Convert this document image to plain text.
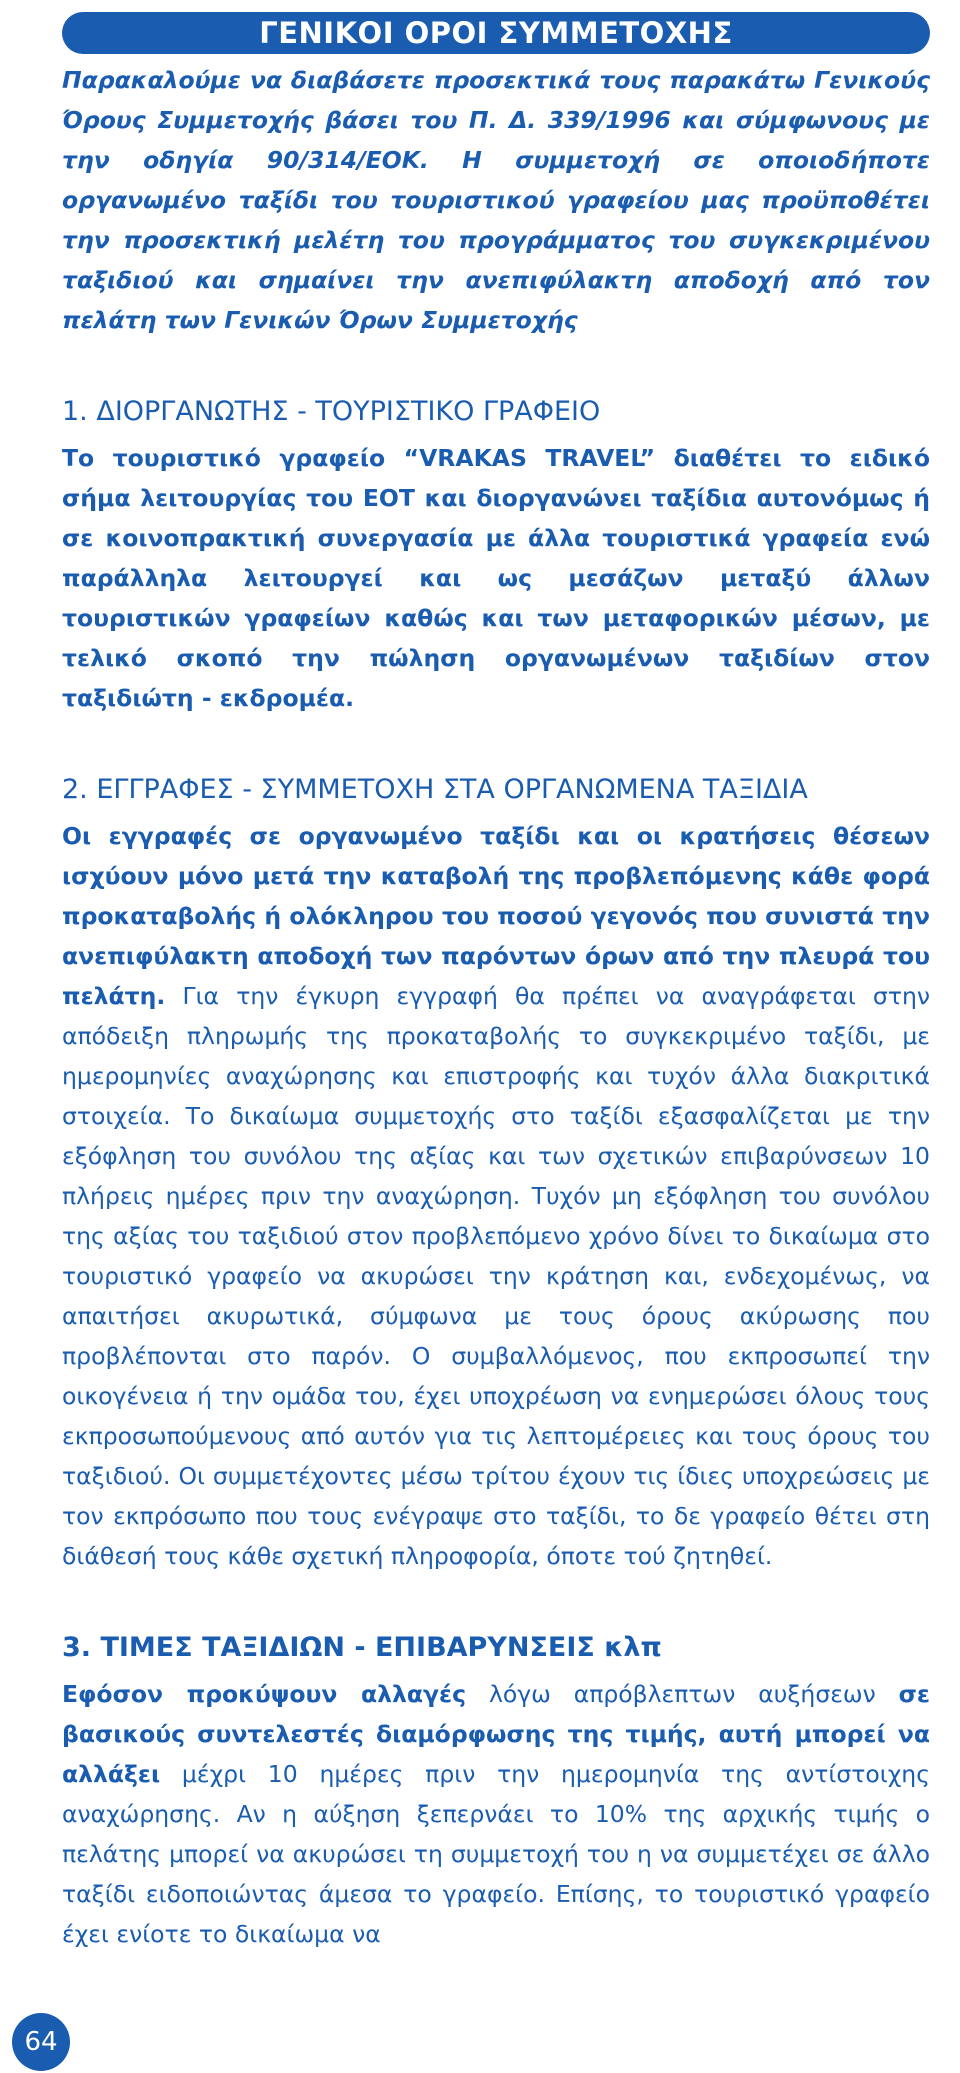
ΓΕΝΙΚΟΙ ΟΡΟΙ ΣΥΜΜΕΤΟΧΗΣ

Παρακαλούμε να διαβάσετε προσεκτικά τους παρακάτω Γενικούς Όρους Συμμετοχής βάσει του Π. Δ. 339/1996 και σύμφωνους με την οδηγία 90/314/ΕΟΚ. Η συμμετοχή σε οποιοδήποτε οργανωμένο ταξίδι του τουριστικού γραφείου μας προϋποθέτει την προσεκτική μελέτη του προγράμματος του συγκεκριμένου ταξιδιού και σημαίνει την ανεπιφύλακτη αποδοχή από τον πελάτη των Γενικών Όρων Συμμετοχής

1. ΔΙΟΡΓΑΝΩΤΗΣ - ΤΟΥΡΙΣΤΙΚΟ ΓΡΑΦΕΙΟ

Το τουριστικό γραφείο “VRAKAS TRAVEL” διαθέτει το ειδικό σήμα λειτουργίας του ΕΟΤ και διοργανώνει ταξίδια αυτονόμως ή σε κοινοπρακτική συνεργασία με άλλα τουριστικά γραφεία ενώ παράλληλα λειτουργεί και ως μεσάζων μεταξύ άλλων τουριστικών γραφείων καθώς και των μεταφορικών μέσων, με τελικό σκοπό την πώληση οργανωμένων ταξιδίων στον ταξιδιώτη - εκδρομέα.

2. ΕΓΓΡΑΦΕΣ - ΣΥΜΜΕΤΟΧΗ ΣΤΑ ΟΡΓΑΝΩΜΕΝΑ ΤΑΞΙΔΙΑ

Οι εγγραφές σε οργανωμένο ταξίδι και οι κρατήσεις θέσεων ισχύουν μόνο μετά την καταβολή της προβλεπόμενης κάθε φορά προκαταβολής ή ολόκληρου του ποσού γεγονός που συνιστά την ανεπιφύλακτη αποδοχή των παρόντων όρων από την πλευρά του πελάτη. Για την έγκυρη εγγραφή θα πρέπει να αναγράφεται στην απόδειξη πληρωμής της προκαταβολής το συγκεκριμένο ταξίδι, με ημερομηνίες αναχώρησης και επιστροφής και τυχόν άλλα διακριτικά στοιχεία. Το δικαίωμα συμμετοχής στο ταξίδι εξασφαλίζεται με την εξόφληση του συνόλου της αξίας και των σχετικών επιβαρύνσεων 10 πλήρεις ημέρες πριν την αναχώρηση. Τυχόν μη εξόφληση του συνόλου της αξίας του ταξιδιού στον προβλεπόμενο χρόνο δίνει το δικαίωμα στο τουριστικό γραφείο να ακυρώσει την κράτηση και, ενδεχομένως, να απαιτήσει ακυρωτικά, σύμφωνα με τους όρους ακύρωσης που προβλέπονται στο παρόν. Ο συμβαλλόμενος, που εκπροσωπεί την οικογένεια ή την ομάδα του, έχει υποχρέωση να ενημερώσει όλους τους εκπροσωπούμενους από αυτόν για τις λεπτομέρειες και τους όρους του ταξιδιού. Οι συμμετέχοντες μέσω τρίτου έχουν τις ίδιες υποχρεώσεις με τον εκπρόσωπο που τους ενέγραψε στο ταξίδι, το δε γραφείο θέτει στη διάθεσή τους κάθε σχετική πληροφορία, όποτε τού ζητηθεί.

3. ΤΙΜΕΣ ΤΑΞΙΔΙΩΝ - ΕΠΙΒΑΡΥΝΣΕΙΣ κλπ

Εφόσον προκύψουν αλλαγές λόγω απρόβλεπτων αυξήσεων σε βασικούς συντελεστές διαμόρφωσης της τιμής, αυτή μπορεί να αλλάξει μέχρι 10 ημέρες πριν την ημερομηνία της αντίστοιχης αναχώρησης. Αν η αύξηση ξεπερνάει το 10% της αρχικής τιμής ο πελάτης μπορεί να ακυρώσει τη συμμετοχή του η να συμμετέχει σε άλλο ταξίδι ειδοποιώντας άμεσα το γραφείο. Επίσης, το τουριστικό γραφείο έχει ενίοτε το δικαίωμα να

64
